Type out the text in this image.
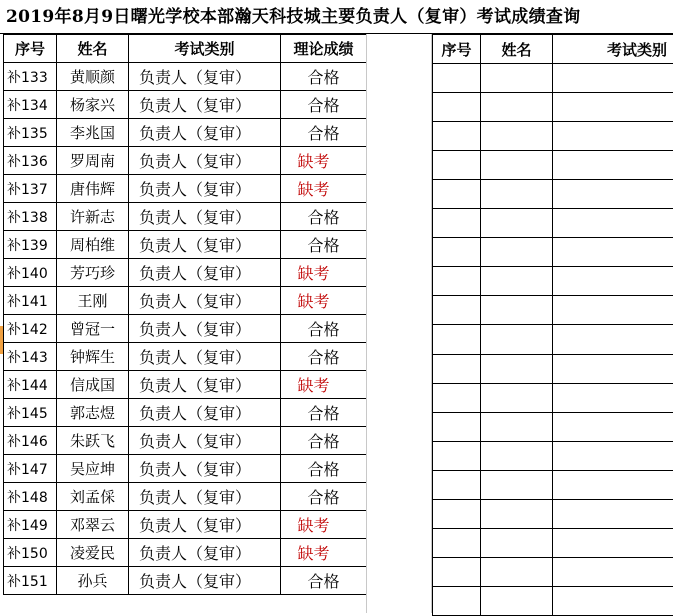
2019年8月9日曙光学校本部瀚天科技城主要负责人（复审）考试成绩查询
序号	姓名	考试类别	理论成绩
补133	黄顺颜	负责人（复审）	合格
补134	杨家兴	负责人（复审）	合格
补135	李兆国	负责人（复审）	合格
补136	罗周南	负责人（复审）	缺考
补137	唐伟辉	负责人（复审）	缺考
补138	许新志	负责人（复审）	合格
补139	周柏维	负责人（复审）	合格
补140	芳巧珍	负责人（复审）	缺考
补141	王刚	负责人（复审）	缺考
补142	曾冠一	负责人（复审）	合格
补143	钟辉生	负责人（复审）	合格
补144	信成国	负责人（复审）	缺考
补145	郭志煜	负责人（复审）	合格
补146	朱跃飞	负责人（复审）	合格
补147	吴应坤	负责人（复审）	合格
补148	刘孟倸	负责人（复审）	合格
补149	邓翠云	负责人（复审）	缺考
补150	凌爱民	负责人（复审）	缺考
补151	孙兵	负责人（复审）	合格
序号	姓名	考试类别
